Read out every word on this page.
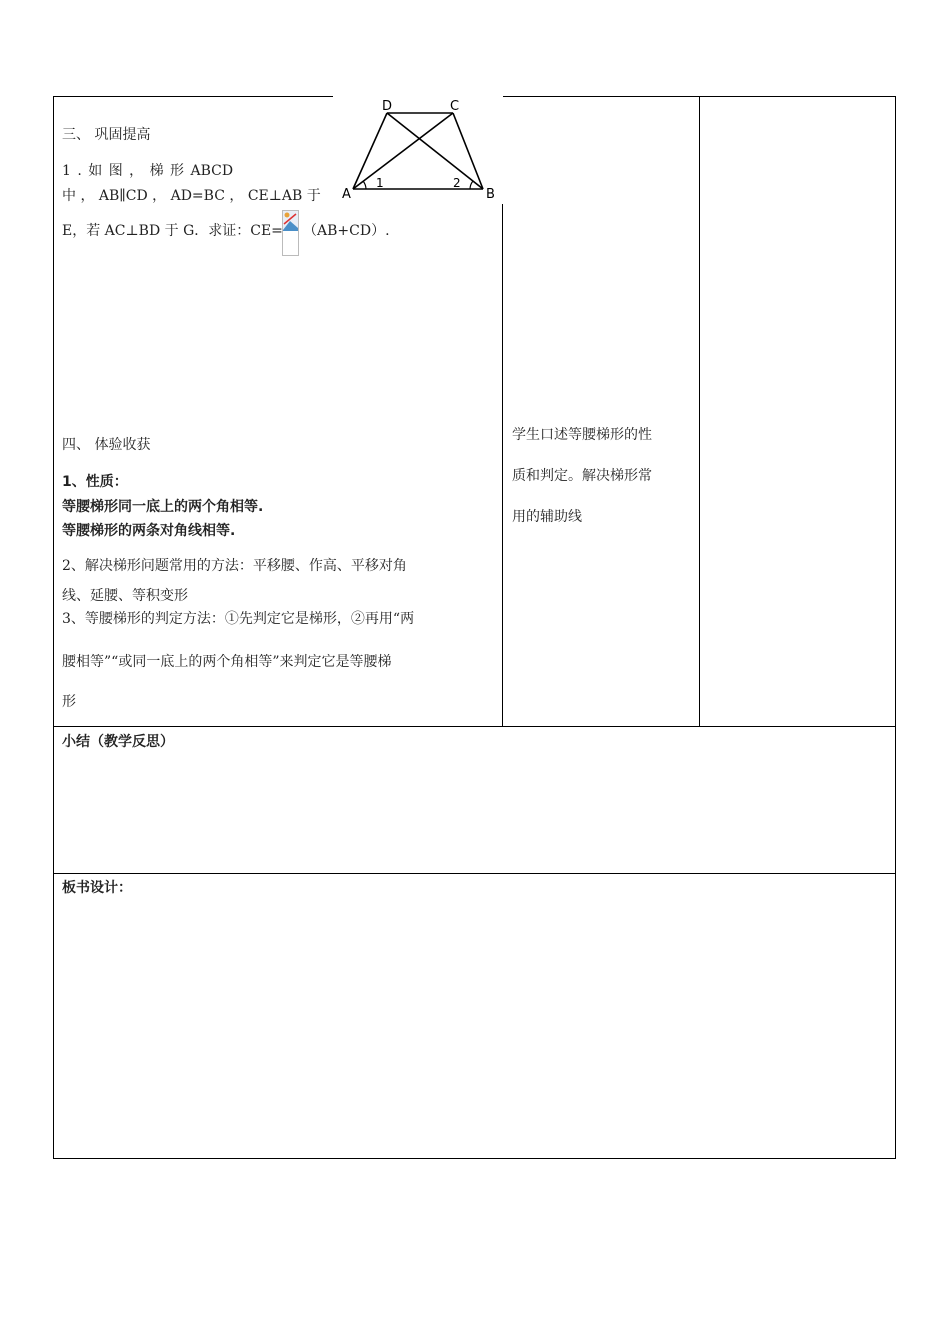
三、 巩固提高
1 . 如 图 ， 梯 形 ABCD
中 ， AB∥CD ， AD=BC ， CE⊥AB 于
E，若 AC⊥BD 于 G．求证：CE= （AB+CD）.
D	C
A	B
1	2
四、 体验收获
1、性质：
等腰梯形同一底上的两个角相等.
等腰梯形的两条对角线相等.
2、解决梯形问题常用的方法：平移腰、作高、平移对角
线、延腰、等积变形
3、等腰梯形的判定方法：①先判定它是梯形，②再用“两
腰相等”“或同一底上的两个角相等”来判定它是等腰梯
形
学生口述等腰梯形的性
质和判定。解决梯形常
用的辅助线
小结（教学反思）
板书设计：
